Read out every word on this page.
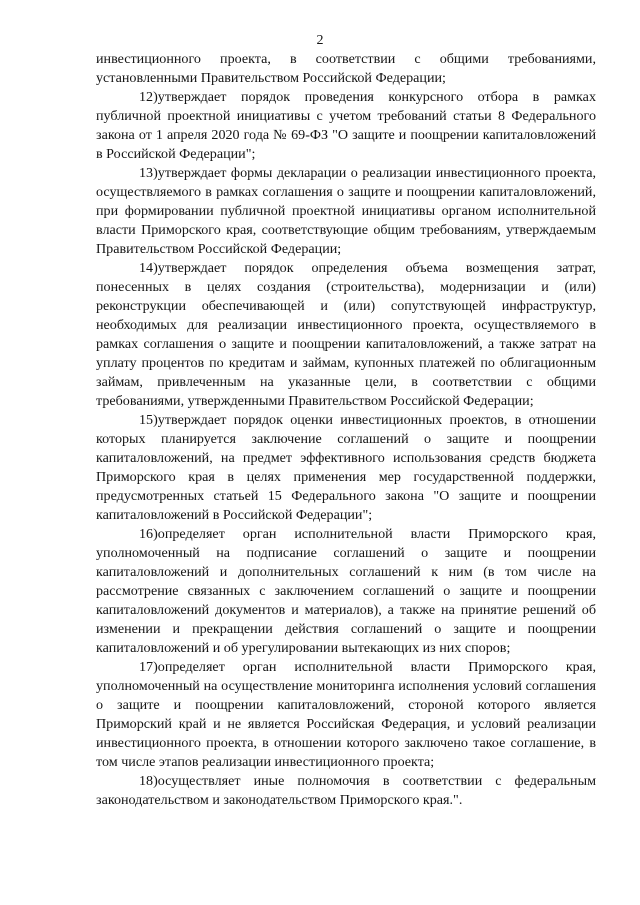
2

инвестиционного проекта, в соответствии с общими требованиями, установленными Правительством Российской Федерации;

12)утверждает порядок проведения конкурсного отбора в рамках публичной проектной инициативы с учетом требований статьи 8 Федерального закона от 1 апреля 2020 года № 69-ФЗ "О защите и поощрении капиталовложений в Российской Федерации";

13)утверждает формы декларации о реализации инвестиционного проекта, осуществляемого в рамках соглашения о защите и поощрении капиталовложений, при формировании публичной проектной инициативы органом исполнительной власти Приморского края, соответствующие общим требованиям, утверждаемым Правительством Российской Федерации;

14)утверждает порядок определения объема возмещения затрат, понесенных в целях создания (строительства), модернизации и (или) реконструкции обеспечивающей и (или) сопутствующей инфраструктур, необходимых для реализации инвестиционного проекта, осуществляемого в рамках соглашения о защите и поощрении капиталовложений, а также затрат на уплату процентов по кредитам и займам, купонных платежей по облигационным займам, привлеченным на указанные цели, в соответствии с общими требованиями, утвержденными Правительством Российской Федерации;

15)утверждает порядок оценки инвестиционных проектов, в отношении которых планируется заключение соглашений о защите и поощрении капиталовложений, на предмет эффективного использования средств бюджета Приморского края в целях применения мер государственной поддержки, предусмотренных статьей 15 Федерального закона "О защите и поощрении капиталовложений в Российской Федерации";

16)определяет орган исполнительной власти Приморского края, уполномоченный на подписание соглашений о защите и поощрении капиталовложений и дополнительных соглашений к ним (в том числе на рассмотрение связанных с заключением соглашений о защите и поощрении капиталовложений документов и материалов), а также на принятие решений об изменении и прекращении действия соглашений о защите и поощрении капиталовложений и об урегулировании вытекающих из них споров;

17)определяет орган исполнительной власти Приморского края, уполномоченный на осуществление мониторинга исполнения условий соглашения о защите и поощрении капиталовложений, стороной которого является Приморский край и не является Российская Федерация, и условий реализации инвестиционного проекта, в отношении которого заключено такое соглашение, в том числе этапов реализации инвестиционного проекта;

18)осуществляет иные полномочия в соответствии с федеральным законодательством и законодательством Приморского края.".
